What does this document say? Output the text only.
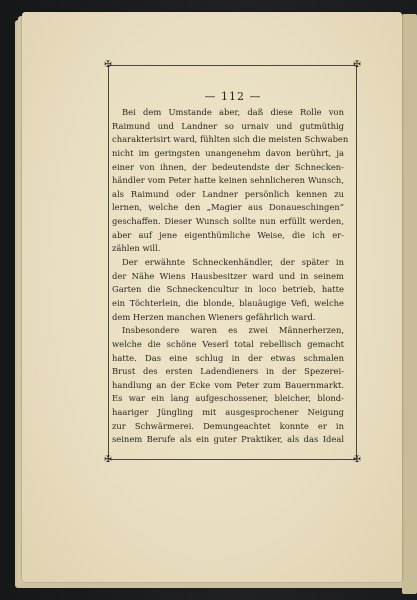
✠	✠
✠	✠
— 112 —
Bei dem Umstande aber, daß diese Rolle von
Raimund und Landner so urnaiv und gutmüthig
charakterisirt ward, fühlten sich die meisten Schwaben
nicht im geringsten unangenehm davon berührt, ja
einer von ihnen, der bedeutendste der Schnecken-
händler vom Peter hatte keinen sehnlicheren Wunsch,
als Raimund oder Landner persönlich kennen zu
lernen, welche den „Magier aus Donaueschingen“
geschaffen. Dieser Wunsch sollte nun erfüllt werden,
aber auf jene eigenthümliche Weise, die ich er-
zählen will.
Der erwähnte Schneckenhändler, der später in
der Nähe Wiens Hausbesitzer ward und in seinem
Garten die Schneckencultur in loco betrieb, hatte
ein Töchterlein, die blonde, blauäugige Vefi, welche
dem Herzen manchen Wieners gefährlich ward.
Insbesondere waren es zwei Männerherzen,
welche die schöne Veserl total rebellisch gemacht
hatte. Das eine schlug in der etwas schmalen
Brust des ersten Ladendieners in der Spezerei-
handlung an der Ecke vom Peter zum Bauernmarkt.
Es war ein lang aufgeschossener, bleicher, blond-
haariger Jüngling mit ausgesprochener Neigung
zur Schwärmerei. Demungeachtet konnte er in
seinem Berufe als ein guter Praktiker, als das Ideal
